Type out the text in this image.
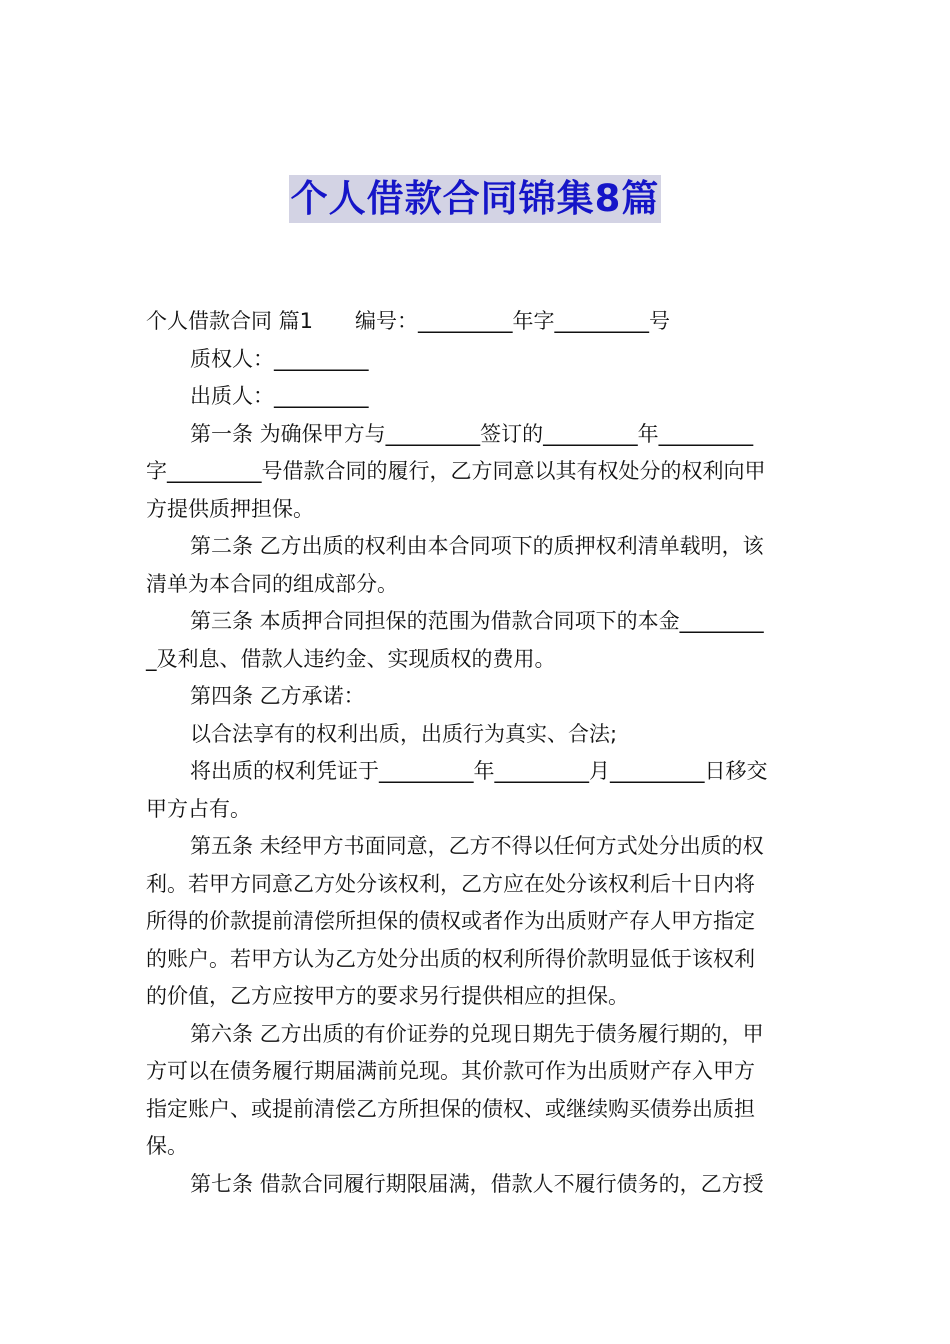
个人借款合同锦集8篇
个人借款合同 篇1 编号：_________年字_________号
质权人：_________
出质人：_________
第一条 为确保甲方与_________签订的_________年_________
字_________号借款合同的履行，乙方同意以其有权处分的权利向甲
方提供质押担保。
第二条 乙方出质的权利由本合同项下的质押权利清单载明，该
清单为本合同的组成部分。
第三条 本质押合同担保的范围为借款合同项下的本金________
_及利息、借款人违约金、实现质权的费用。
第四条 乙方承诺：
以合法享有的权利出质，出质行为真实、合法;
将出质的权利凭证于_________年_________月_________日移交
甲方占有。
第五条 未经甲方书面同意，乙方不得以任何方式处分出质的权
利。若甲方同意乙方处分该权利，乙方应在处分该权利后十日内将
所得的价款提前清偿所担保的债权或者作为出质财产存人甲方指定
的账户。若甲方认为乙方处分出质的权利所得价款明显低于该权利
的价值，乙方应按甲方的要求另行提供相应的担保。
第六条 乙方出质的有价证券的兑现日期先于债务履行期的，甲
方可以在债务履行期届满前兑现。其价款可作为出质财产存入甲方
指定账户、或提前清偿乙方所担保的债权、或继续购买债券出质担
保。
第七条 借款合同履行期限届满，借款人不履行债务的，乙方授
